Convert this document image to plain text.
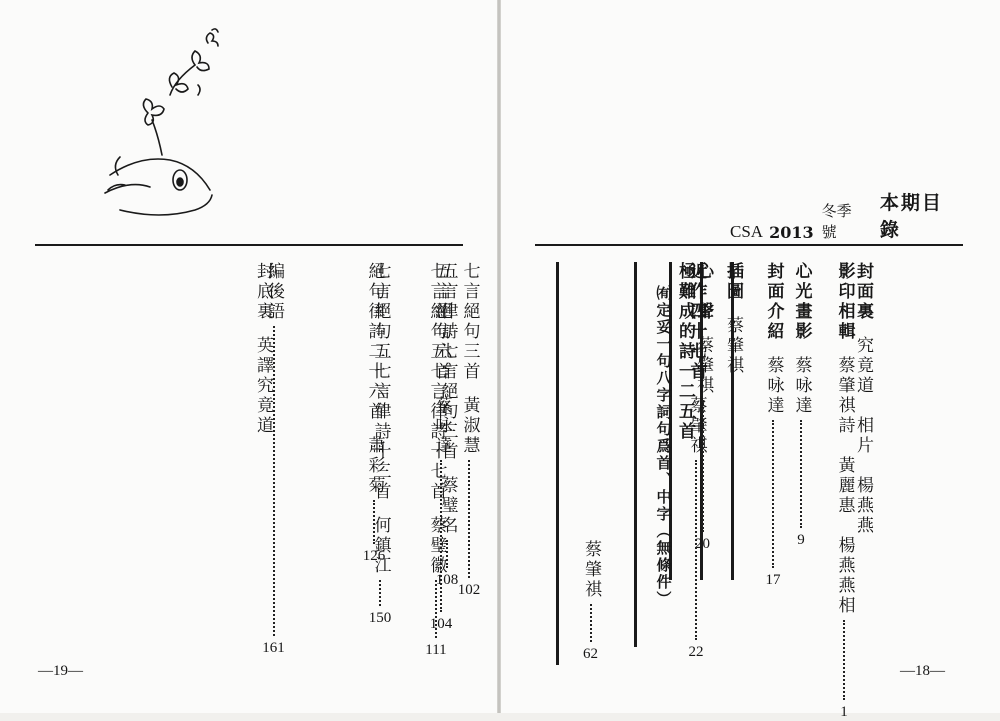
CSA 2013
冬季號
本期目錄
封面裏
究竟道　相片　楊燕燕
影印相輯
蔡肇祺詩　黃麗惠　楊燕燕相
1
心光畫影
蔡咏達
9
封面介紹
蔡咏達
17
插圖
蔡肇祺
心　聲
蔡肇祺
20
近作四十七首
蔡肇祺
22
極難成的詩一二五首
㈲定妥一句八字詞句爲首、中字（無條件）
蔡肇祺
62
七言絕句三首
黃淑慧
102
五言絕句六首
蔡咏達
104
五言律詩七言絕句三首
蔡璧名
108
七言絕句五七言律詩十七首
蔡璧徽
111
絕句律詩二十六首
蕭彩菊
126
七言絕句五七言律詩十三首
何鎮江
150
編後語
161
封底裏
英譯究竟道
—19—	—18—
